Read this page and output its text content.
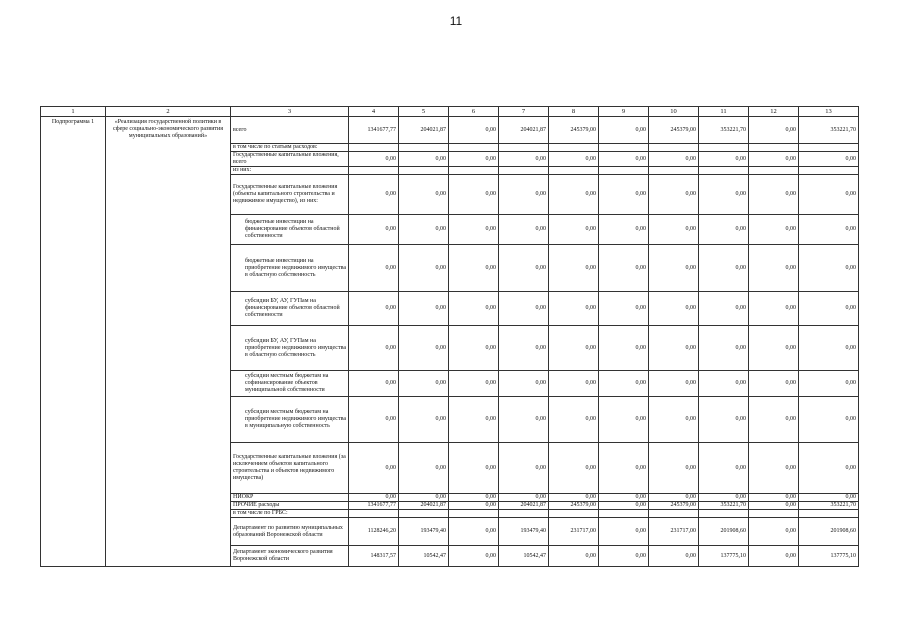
11
1	2	3	4	5	6	7	8	9	10	11	12	13
Подпрограмма 1	«Реализация государственной политики в сфере социально-экономического развития муниципальных образований»	всего	1341677,77	204021,87	0,00	204021,87	245379,00	0,00	245379,00	353221,70	0,00	353221,70
		в том числе по статьям расходов:										
		Государственные капитальные вложения, всего	0,00	0,00	0,00	0,00	0,00	0,00	0,00	0,00	0,00	0,00
		из них:										
		Государственные капитальные вложения (объекты капитального строительства и недвижимое имущество), из них:	0,00	0,00	0,00	0,00	0,00	0,00	0,00	0,00	0,00	0,00
		бюджетные инвестиции на финансирование объектов областной собственности	0,00	0,00	0,00	0,00	0,00	0,00	0,00	0,00	0,00	0,00
		бюджетные инвестиции на приобретение недвижимого имущества в областную собственность	0,00	0,00	0,00	0,00	0,00	0,00	0,00	0,00	0,00	0,00
		субсидии БУ, АУ, ГУПам на финансирование объектов областной собственности	0,00	0,00	0,00	0,00	0,00	0,00	0,00	0,00	0,00	0,00
		субсидии БУ, АУ, ГУПам на приобретение недвижимого имущества в областную собственность	0,00	0,00	0,00	0,00	0,00	0,00	0,00	0,00	0,00	0,00
		субсидии местным бюджетам на софинансирование объектов муниципальной собственности	0,00	0,00	0,00	0,00	0,00	0,00	0,00	0,00	0,00	0,00
		субсидии местным бюджетам на приобретение недвижимого имущества в муниципальную собственность	0,00	0,00	0,00	0,00	0,00	0,00	0,00	0,00	0,00	0,00
		Государственные капитальные вложения (за исключением объектов капитального строительства и объектов недвижимого имущества)	0,00	0,00	0,00	0,00	0,00	0,00	0,00	0,00	0,00	0,00
		НИОКР	0,00	0,00	0,00	0,00	0,00	0,00	0,00	0,00	0,00	0,00
		ПРОЧИЕ расходы	1341677,77	204021,87	0,00	204021,87	245379,00	0,00	245379,00	353221,70	0,00	353221,70
		в том числе по ГРБС:										
		Департамент по развитию муниципальных образований Воронежской области	1128246,20	193479,40	0,00	193479,40	231717,00	0,00	231717,00	201908,60	0,00	201908,60
		Департамент экономического развития Воронежской области	148317,57	10542,47	0,00	10542,47	0,00	0,00	0,00	137775,10	0,00	137775,10
